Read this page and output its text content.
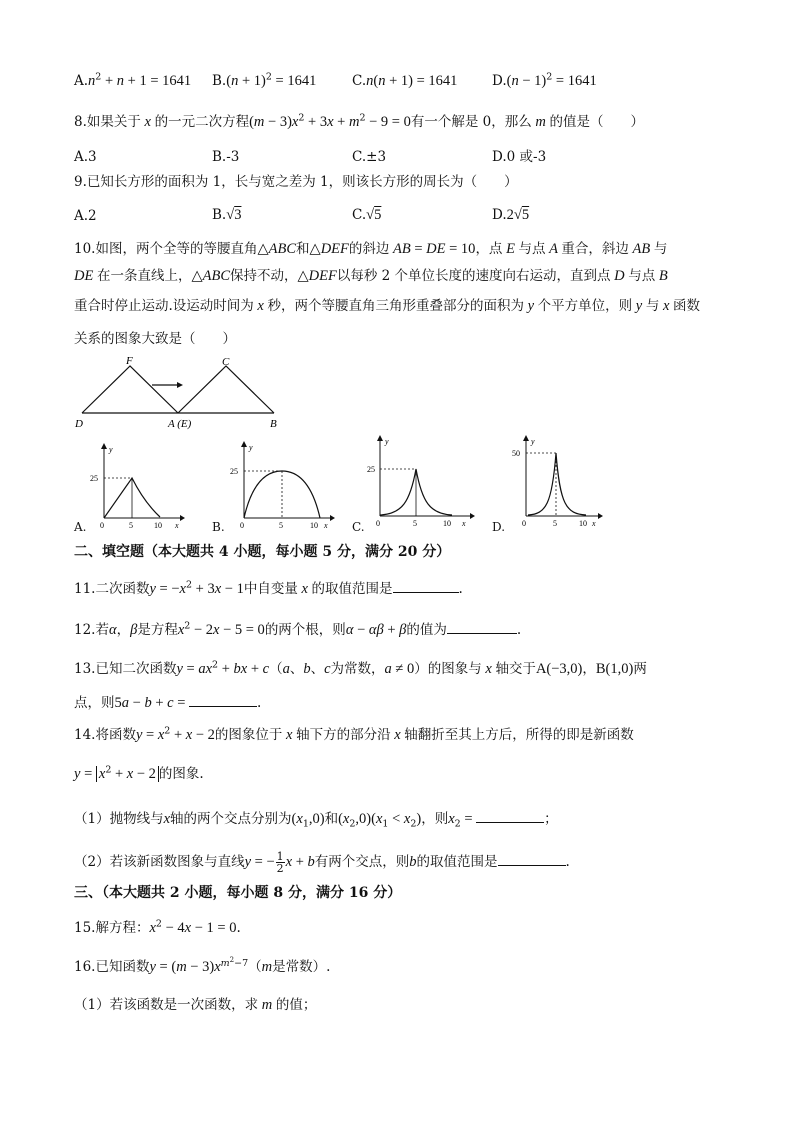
$A.n^2 + n + 1 = 1641$ $B.(n + 1)^2 = 1641$	C.n(n + 1) = 1641	$D.(n - 1)^2 = 1641$
8.如果关于 x 的一元二次方程$(m - 3)x^2 + 3x + m^2 - 9 = 0$有一个解是 0，那么 m 的值是（　　）
A.3	B.-3	C.±3	D.0 或-3
9.已知长方形的面积为 1，长与宽之差为 1，则该长方形的周长为（　　）
A.2	B.√3	C.√5	D.2√5
10.如图，两个全等的等腰直角△ABC和△DEF的斜边 AB = DE = 10，点 E 与点 A 重合，斜边 AB 与
DE 在一条直线上，△ABC保持不动，△DEF以每秒 2 个单位长度的速度向右运动，直到点 D 与点 B
重合时停止运动.设运动时间为 x 秒，两个等腰直角三角形重叠部分的面积为 y 个平方单位，则 y 与 x 函数
关系的图象大致是（　　）
F	C
D	A (E)	B
A.
y
x
25
0	5	10	B.
y
x
25
0	5	10	C.
y
x
25
0	5	10	D.
y
x
50
0	5	10
二、填空题（本大题共 4 小题，每小题 5 分，满分 20 分）
11.二次函数$y = -x^2 + 3x - 1$中自变量 x 的取值范围是	.
12.若α，β是方程$x^2 - 2x - 5 = 0$的两个根，则α − αβ + β的值为	.
13.已知二次函数$y = ax^2$ + bx + c（a、b、c为常数，a ≠ 0）的图象与 x 轴交于A(−3,0)，B(1,0)两
点，则5a − b + c =	.
14.将函数$y = x^2 + x - 2$的图象位于 x 轴下方的部分沿 x 轴翻折至其上方后，所得的即是新函数
$y = x^2 + x - 2$ 的图象.
（1）抛物线与x轴的两个交点分别为$(x_1,0)$和$(x_2,0)(x_1 < x_2)$，则$x_2$ =	；
（2）若该新函数图象与直线y = − $\frac{1}{2}$ x + b有两个交点，则b的取值范围是	.
三、（本大题共 2 小题，每小题 8 分，满分 16 分）
15.解方程：$x^2 - 4x - 1 = 0$.
16.已知函数$y = (m - 3)x^{m^2-7}(m$是常数）.
（1）若该函数是一次函数，求 m 的值；
